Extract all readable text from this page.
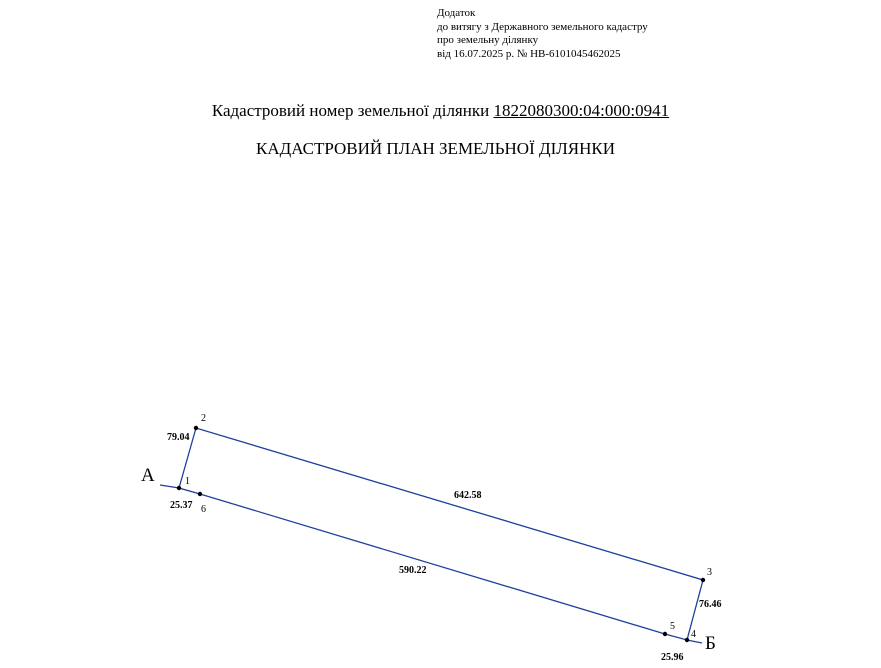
Додаток
до витягу з Державного земельного кадастру
про земельну ділянку
від 16.07.2025 р. № НВ-6101045462025
Кадастровий номер земельної ділянки 1822080300:04:000:0941
КАДАСТРОВИЙ ПЛАН ЗЕМЕЛЬНОЇ ДІЛЯНКИ
1
2
3
4
5
6
79.04
642.58
76.46
25.96
590.22
25.37
А
Б
